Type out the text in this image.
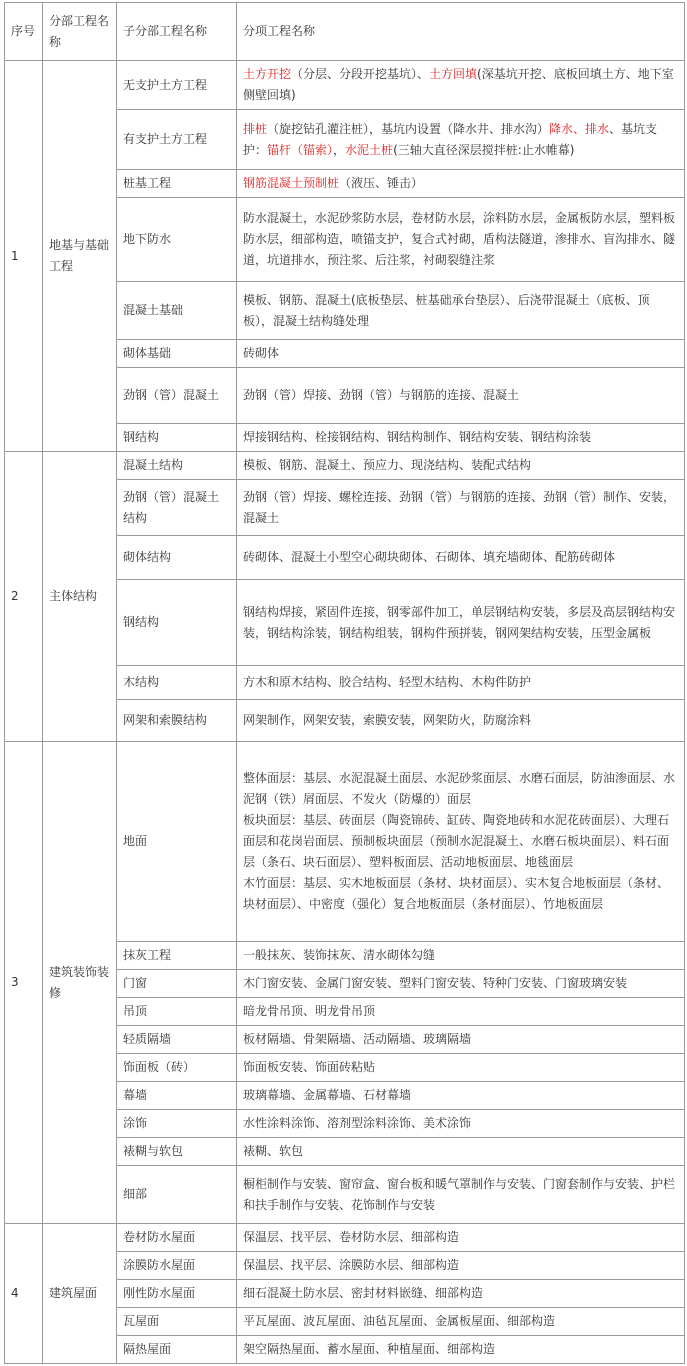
序号	分部工程名称	子分部工程名称	分项工程名称
1	地基与基础工程	无支护土方工程	土方开挖（分层、分段开挖基坑）、土方回填(深基坑开挖、底板回填土方、地下室侧壁回填)
		有支护土方工程	排桩（旋挖钻孔灌注桩），基坑内设置（降水井、排水沟）降水、排水、基坑支护：锚杆（锚索），水泥土桩(三轴大直径深层搅拌桩:止水帷幕)
		桩基工程	钢筋混凝土预制桩（液压、锤击）
		地下防水	防水混凝土，水泥砂浆防水层，卷材防水层，涂料防水层，金属板防水层，塑料板防水层，细部构造，喷锚支护，复合式衬砌，盾构法隧道，渗排水、盲沟排水、隧道，坑道排水，预注浆、后注浆，衬砌裂缝注浆
		混凝土基础	模板、钢筋、混凝土(底板垫层、桩基础承台垫层）、后浇带混凝土（底板、顶板），混凝土结构缝处理
		砌体基础	砖砌体
		劲钢（管）混凝土	劲钢（管）焊接、劲钢（管）与钢筋的连接、混凝土
		钢结构	焊接钢结构、栓接钢结构、钢结构制作、钢结构安装、钢结构涂装
2	主体结构	混凝土结构	模板、钢筋、混凝土、预应力、现浇结构、装配式结构
		劲钢（管）混凝土结构	劲钢（管）焊接、螺栓连接、劲钢（管）与钢筋的连接、劲钢（管）制作、安装，混凝土
		砌体结构	砖砌体、混凝土小型空心砌块砌体、石砌体、填充墙砌体、配筋砖砌体
		钢结构	钢结构焊接，紧固件连接，钢零部件加工，单层钢结构安装，多层及高层钢结构安装，钢结构涂装，钢结构组装，钢构件预拼装，钢网架结构安装，压型金属板
		木结构	方木和原木结构、胶合结构、轻型木结构、木构件防护
		网架和索膜结构	网架制作，网架安装，索膜安装，网架防火，防腐涂料
3	建筑装饰装修	地面	整体面层：基层、水泥混凝土面层、水泥砂浆面层、水磨石面层，防油渗面层、水泥钢（铁）屑面层、不发火（防爆的）面层
板块面层：基层、砖面层（陶瓷锦砖、缸砖、陶瓷地砖和水泥花砖面层）、大理石面层和花岗岩面层、预制板块面层（预制水泥混凝土、水磨石板块面层）、料石面层（条石、块石面层）、塑料板面层、活动地板面层、地毯面层
木竹面层：基层、实木地板面层（条材、块材面层）、实木复合地板面层（条材、块材面层）、中密度（强化）复合地板面层（条材面层）、竹地板面层

		抹灰工程	一般抹灰、装饰抹灰、清水砌体勾缝
		门窗	木门窗安装、金属门窗安装、塑料门窗安装、特种门安装、门窗玻璃安装
		吊顶	暗龙骨吊顶、明龙骨吊顶
		轻质隔墙	板材隔墙、骨架隔墙、活动隔墙、玻璃隔墙
		饰面板（砖）	饰面板安装、饰面砖粘贴
		幕墙	玻璃幕墙、金属幕墙、石材幕墙
		涂饰	水性涂料涂饰、溶剂型涂料涂饰、美术涂饰
		裱糊与软包	裱糊、软包
		细部	橱柜制作与安装、窗帘盒、窗台板和暖气罩制作与安装、门窗套制作与安装、护栏和扶手制作与安装、花饰制作与安装
4	建筑屋面	卷材防水屋面	保温层、找平层、卷材防水层、细部构造
		涂膜防水屋面	保温层、找平层、涂膜防水层、细部构造
		刚性防水屋面	细石混凝土防水层、密封材料嵌缝、细部构造
		瓦屋面	平瓦屋面、波瓦屋面、油毡瓦屋面、金属板屋面、细部构造
		隔热屋面	架空隔热屋面、蓄水屋面、种植屋面、细部构造
